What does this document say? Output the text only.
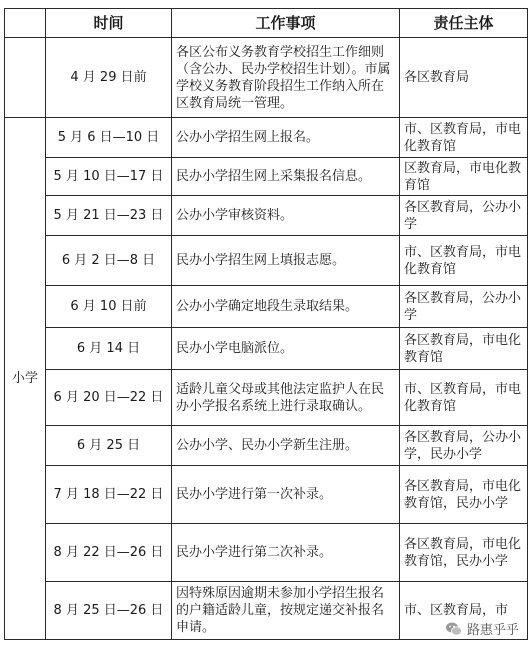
	时间	工作事项	责任主体
	4 月 29 日前	各区公布义务教育学校招生工作细则（含公办、民办学校招生计划）。市属学校义务教育阶段招生工作纳入所在区教育局统一管理。	各区教育局
小学	5 月 6 日—10 日	公办小学招生网上报名。	市、区教育局，市电化教育馆
	5 月 10 日—17 日	民办小学招生网上采集报名信息。	区教育局，市电化教育馆
	5 月 21 日—23 日	公办小学审核资料。	各区教育局，公办小学
	6 月 2 日—8 日	民办小学招生网上填报志愿。	市、区教育局，市电化教育馆
	6 月 10 日前	公办小学确定地段生录取结果。	各区教育局，公办小学
	6 月 14 日	民办小学电脑派位。	各区教育局，市电化教育馆
	6 月 20 日—22 日	适龄儿童父母或其他法定监护人在民办小学报名系统上进行录取确认。	市、区教育局，市电化教育馆
	6 月 25 日	公办小学、民办小学新生注册。	各区教育局，公办小学，民办小学
	7 月 18 日—22 日	民办小学进行第一次补录。	各区教育局，市电化教育馆，民办小学
	8 月 22 日—26 日	民办小学进行第二次补录。	各区教育局，市电化教育馆，民办小学
	8 月 25 日—26 日	因特殊原因逾期未参加小学招生报名的户籍适龄儿童，按规定递交补报名申请。	市、区教育局，市
路惠乎乎
